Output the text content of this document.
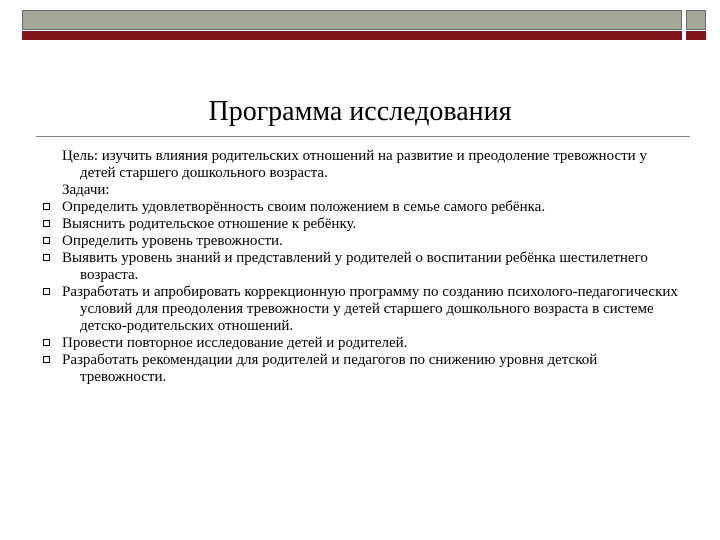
Программа исследования

Цель: изучить влияния родительских отношений на развитие и преодоление тревожности у детей старшего дошкольного возраста.

Задачи:

Определить удовлетворённость своим положением в семье самого ребёнка.
Выяснить родительское отношение к ребёнку.
Определить уровень тревожности.
Выявить уровень знаний и представлений у родителей о воспитании ребёнка шестилетнего возраста.
Разработать и апробировать коррекционную программу по созданию психолого-педагогических условий для преодоления тревожности у детей старшего дошкольного возраста в системе детско-родительских отношений.
Провести повторное исследование детей и родителей.
Разработать рекомендации для родителей и педагогов по снижению уровня детской тревожности.
